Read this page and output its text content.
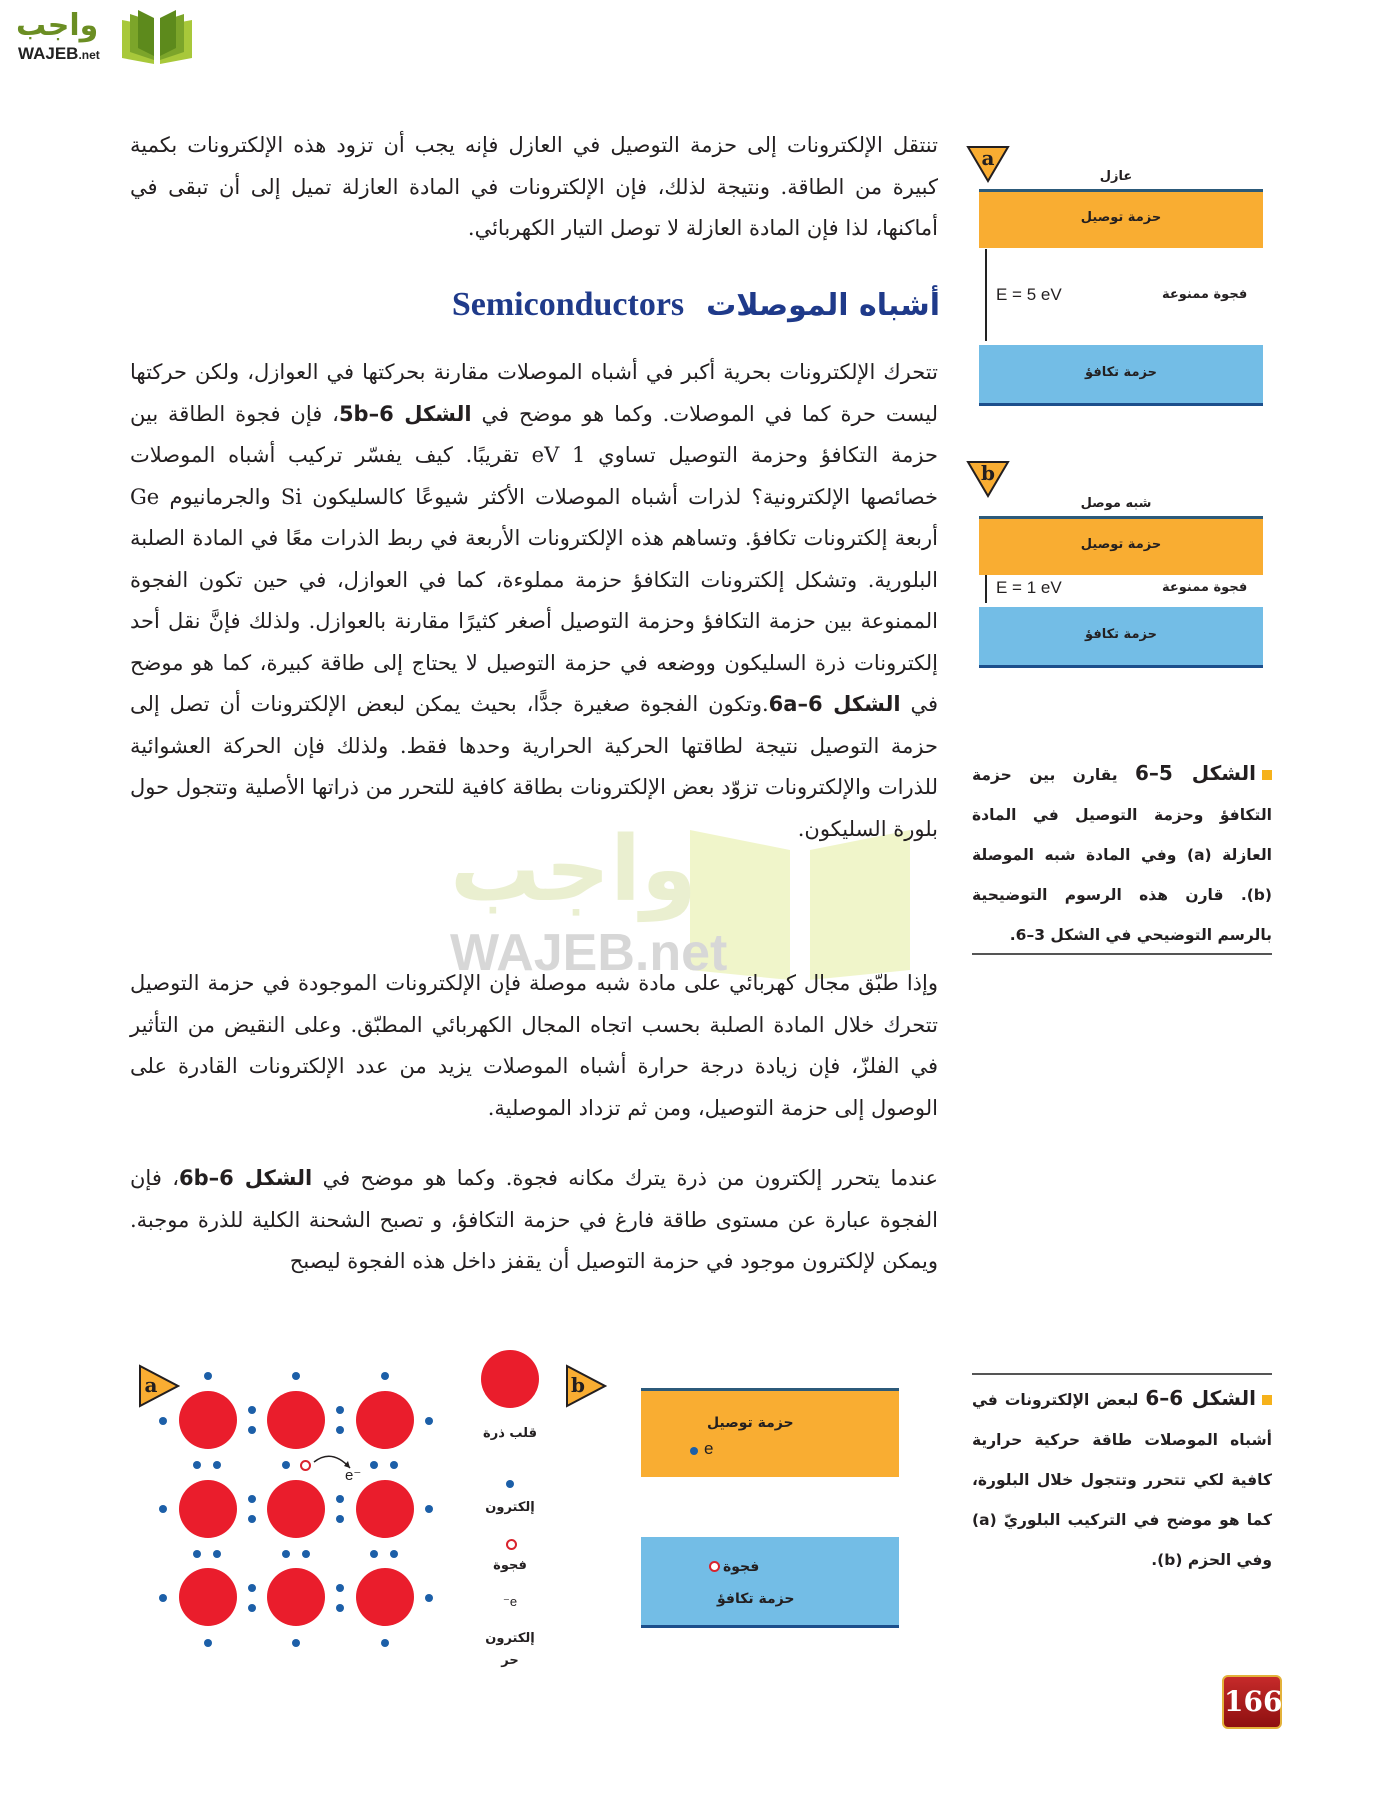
واجب
WAJEB.net
واجب
WAJEB.net
تنتقل الإلكترونات إلى حزمة التوصيل في العازل فإنه يجب أن تزود هذه الإلكترونات بكمية كبيرة من الطاقة. ونتيجة لذلك، فإن الإلكترونات في المادة العازلة تميل إلى أن تبقى في أماكنها، لذا فإن المادة العازلة لا توصل التيار الكهربائي.
أشباه الموصلاتSemiconductors
تتحرك الإلكترونات بحرية أكبر في أشباه الموصلات مقارنة بحركتها في العوازل، ولكن حركتها ليست حرة كما في الموصلات. وكما هو موضح في الشكل 5b–6، فإن فجوة الطاقة بين حزمة التكافؤ وحزمة التوصيل تساوي 1 eV تقريبًا. كيف يفسّر تركيب أشباه الموصلات خصائصها الإلكترونية؟ لذرات أشباه الموصلات الأكثر شيوعًا كالسليكون Si والجرمانيوم Ge أربعة إلكترونات تكافؤ. وتساهم هذه الإلكترونات الأربعة في ربط الذرات معًا في المادة الصلبة البلورية. وتشكل إلكترونات التكافؤ حزمة مملوءة، كما في العوازل، في حين تكون الفجوة الممنوعة بين حزمة التكافؤ وحزمة التوصيل أصغر كثيرًا مقارنة بالعوازل. ولذلك فإنَّ نقل أحد إلكترونات ذرة السليكون ووضعه في حزمة التوصيل لا يحتاج إلى طاقة كبيرة، كما هو موضح في الشكل 6a–6.وتكون الفجوة صغيرة جدًّا، بحيث يمكن لبعض الإلكترونات أن تصل إلى حزمة التوصيل نتيجة لطاقتها الحركية الحرارية وحدها فقط. ولذلك فإن الحركة العشوائية للذرات والإلكترونات تزوّد بعض الإلكترونات بطاقة كافية للتحرر من ذراتها الأصلية وتتجول حول بلورة السليكون.
وإذا طبّق مجال كهربائي على مادة شبه موصلة فإن الإلكترونات الموجودة في حزمة التوصيل تتحرك خلال المادة الصلبة بحسب اتجاه المجال الكهربائي المطبّق. وعلى النقيض من التأثير في الفلزّ، فإن زيادة درجة حرارة أشباه الموصلات يزيد من عدد الإلكترونات القادرة على الوصول إلى حزمة التوصيل، ومن ثم تزداد الموصلية.
عندما يتحرر إلكترون من ذرة يترك مكانه فجوة. وكما هو موضح في الشكل 6b–6، فإن الفجوة عبارة عن مستوى طاقة فارغ في حزمة التكافؤ، و تصبح الشحنة الكلية للذرة موجبة. ويمكن لإلكترون موجود في حزمة التوصيل أن يقفز داخل هذه الفجوة ليصبح
a
عازل
حزمة توصيل
E = 5 eV	فجوة ممنوعة
حزمة تكافؤ
b
شبه موصل
حزمة توصيل
E = 1 eV	فجوة ممنوعة
حزمة تكافؤ
الشكل 5–6 يقارن بين حزمة التكافؤ وحزمة التوصيل في المادة العازلة (a) وفي المادة شبه الموصلة (b). قارن هذه الرسوم التوضيحية بالرسم التوضيحي في الشكل 3–6.
الشكل 6–6 لبعض الإلكترونات في أشباه الموصلات طاقة حركية حرارية كافية لكي تتحرر وتتجول خلال البلورة، كما هو موضح في التركيب البلوريّ (a) وفي الحزم (b).
a
e⁻
قلب ذرة
إلكترون
فجوة
e⁻
إلكترون حر
b
حزمة توصيل
e
فجوة
حزمة تكافؤ
166
